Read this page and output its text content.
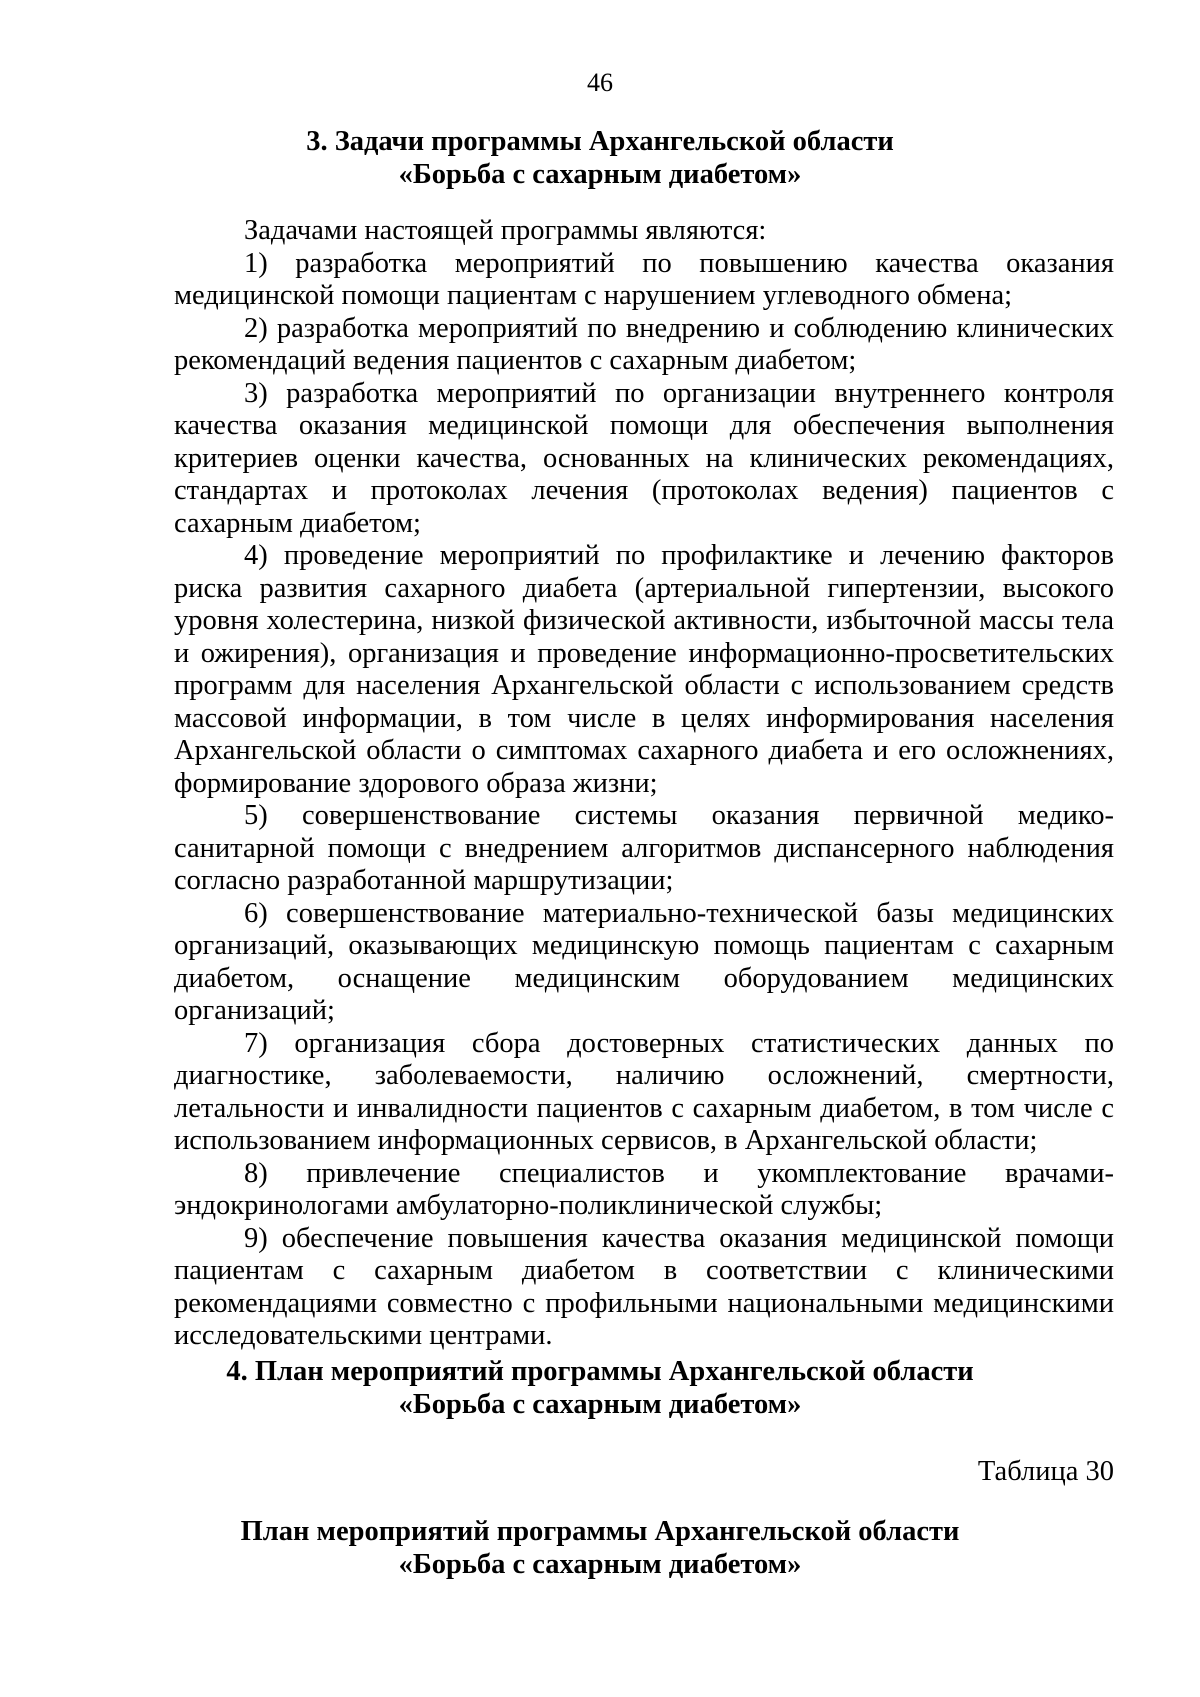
46
3. Задачи программы Архангельской области
«Борьба с сахарным диабетом»

Задачами настоящей программы являются:

1) разработка мероприятий по повышению качества оказания медицинской помощи пациентам с нарушением углеводного обмена;

2) разработка мероприятий по внедрению и соблюдению клинических рекомендаций ведения пациентов с сахарным диабетом;

3) разработка мероприятий по организации внутреннего контроля качества оказания медицинской помощи для обеспечения выполнения критериев оценки качества, основанных на клинических рекомендациях, стандартах и протоколах лечения (протоколах ведения) пациентов с сахарным диабетом;

4) проведение мероприятий по профилактике и лечению факторов риска развития сахарного диабета (артериальной гипертензии, высокого уровня холестерина, низкой физической активности, избыточной массы тела и ожирения), организация и проведение информационно-просветительских программ для населения Архангельской области с использованием средств массовой информации, в том числе в целях информирования населения Архангельской области о симптомах сахарного диабета и его осложнениях, формирование здорового образа жизни;

5) совершенствование системы оказания первичной медико-санитарной помощи с внедрением алгоритмов диспансерного наблюдения согласно разработанной маршрутизации;

6) совершенствование материально-технической базы медицинских организаций, оказывающих медицинскую помощь пациентам с сахарным диабетом, оснащение медицинским оборудованием медицинских организаций;

7) организация сбора достоверных статистических данных по диагностике, заболеваемости, наличию осложнений, смертности, летальности и инвалидности пациентов с сахарным диабетом, в том числе с использованием информационных сервисов, в Архангельской области;

8) привлечение специалистов и укомплектование врачами-эндокринологами амбулаторно-поликлинической службы;

9) обеспечение повышения качества оказания медицинской помощи пациентам с сахарным диабетом в соответствии с клиническими рекомендациями совместно с профильными национальными медицинскими исследовательскими центрами.

4. План мероприятий программы Архангельской области
«Борьба с сахарным диабетом»
Таблица 30
План мероприятий программы Архангельской области
«Борьба с сахарным диабетом»
